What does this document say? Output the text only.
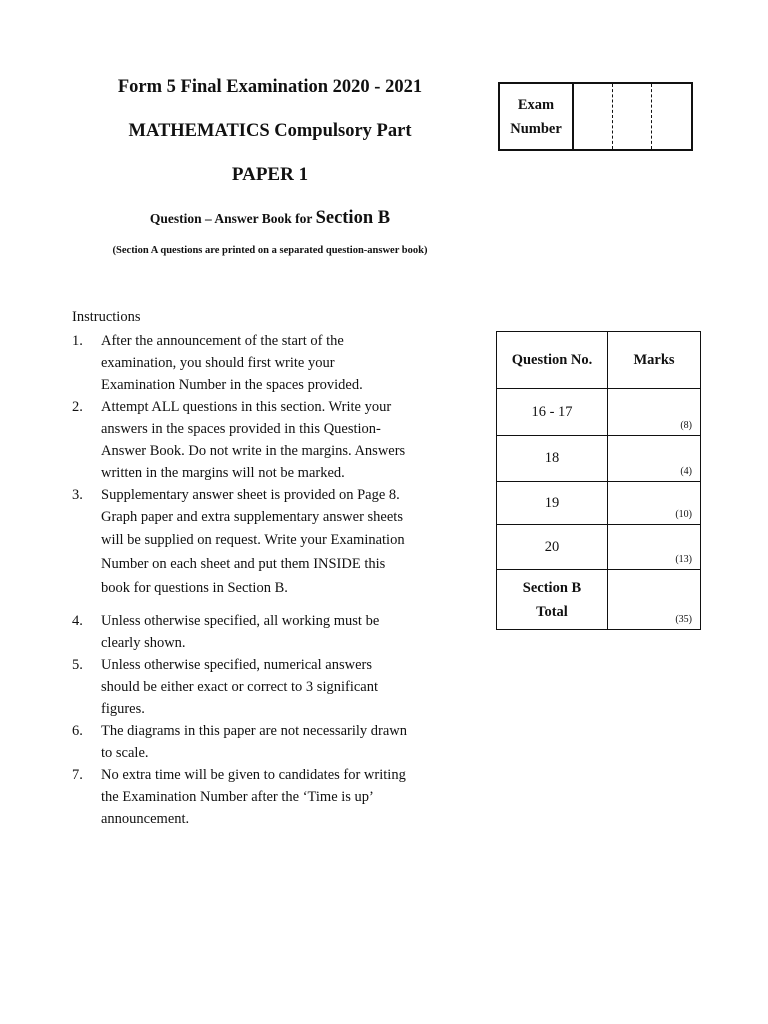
Form 5 Final Examination 2020 - 2021
MATHEMATICS Compulsory Part
PAPER 1
Question – Answer Book for Section B
(Section A questions are printed on a separated question-answer book)
Exam
Number
Instructions
1.	After the announcement of the start of the
examination, you should first write your
Examination Number in the spaces provided.
2.	Attempt ALL questions in this section. Write your
answers in the spaces provided in this Question-
Answer Book. Do not write in the margins. Answers
written in the margins will not be marked.
3.	Supplementary answer sheet is provided on Page 8.
Graph paper and extra supplementary answer sheets
will be supplied on request. Write your Examination
Number on each sheet and put them INSIDE this
book for questions in Section B.
4.	Unless otherwise specified, all working must be
clearly shown.
5.	Unless otherwise specified, numerical answers
should be either exact or correct to 3 significant
figures.
6.	The diagrams in this paper are not necessarily drawn
to scale.
7.	No extra time will be given to candidates for writing
the Examination Number after the ‘Time is up’
announcement.
Question No.	Marks
16 - 17	(8)

18	(4)

19	(10)

20	(13)

Section B
Total	(35)
